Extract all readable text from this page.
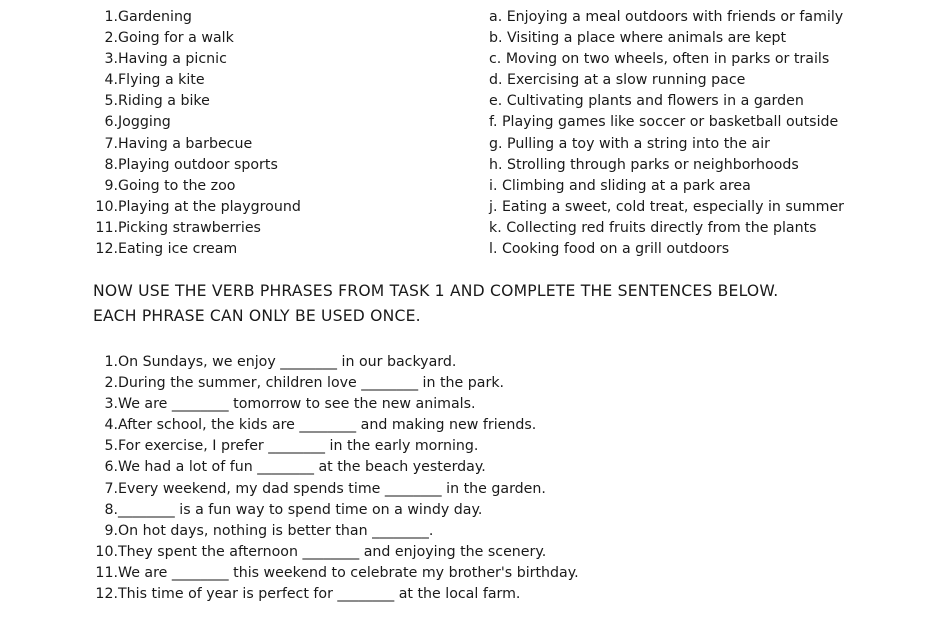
1.Gardening
2.Going for a walk
3.Having a picnic
4.Flying a kite
5.Riding a bike
6.Jogging
7.Having a barbecue
8.Playing outdoor sports
9.Going to the zoo
10.Playing at the playground
11.Picking strawberries
12.Eating ice cream
a. Enjoying a meal outdoors with friends or family
b. Visiting a place where animals are kept
c. Moving on two wheels, often in parks or trails
d. Exercising at a slow running pace
e. Cultivating plants and flowers in a garden
f. Playing games like soccer or basketball outside
g. Pulling a toy with a string into the air
h. Strolling through parks or neighborhoods
i. Climbing and sliding at a park area
j. Eating a sweet, cold treat, especially in summer
k. Collecting red fruits directly from the plants
l. Cooking food on a grill outdoors
NOW USE THE VERB PHRASES FROM TASK 1 AND COMPLETE THE SENTENCES BELOW.
EACH PHRASE CAN ONLY BE USED ONCE.
1.On Sundays, we enjoy ________ in our backyard.
2.During the summer, children love ________ in the park.
3.We are ________ tomorrow to see the new animals.
4.After school, the kids are ________ and making new friends.
5.For exercise, I prefer ________ in the early morning.
6.We had a lot of fun ________ at the beach yesterday.
7.Every weekend, my dad spends time ________ in the garden.
8.________ is a fun way to spend time on a windy day.
9.On hot days, nothing is better than ________.
10.They spent the afternoon ________ and enjoying the scenery.
11.We are ________ this weekend to celebrate my brother's birthday.
12.This time of year is perfect for ________ at the local farm.
